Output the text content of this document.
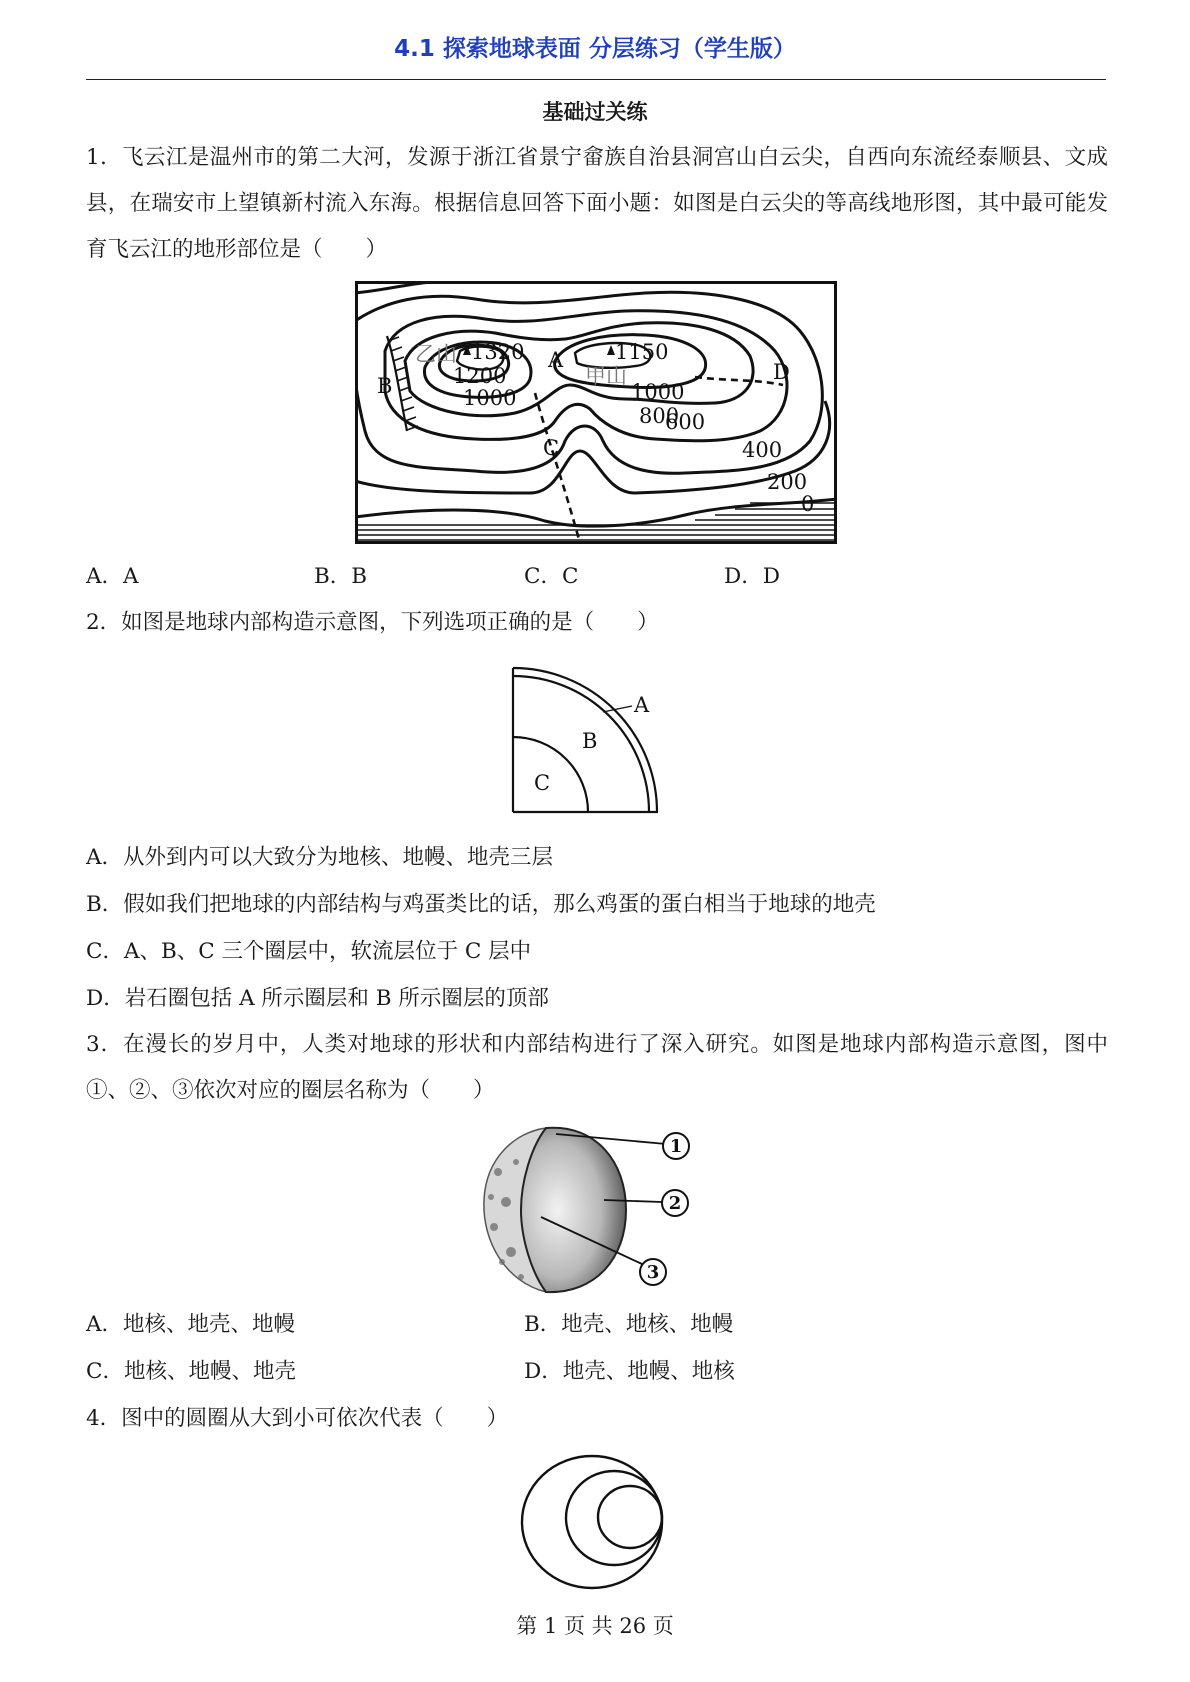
4.1 探索地球表面 分层练习（学生版）
基础过关练
1．飞云江是温州市的第二大河，发源于浙江省景宁畲族自治县洞宫山白云尖，自西向东流经泰顺县、文成县，在瑞安市上望镇新村流入东海。根据信息回答下面小题：如图是白云尖的等高线地形图，其中最可能发育飞云江的地形部位是（　　）
乙山 1320
1200
1000
1150
甲山
1000
800
600
400
200
0
A
B
C
D
A．A	B．B	C．C	D．D
2．如图是地球内部构造示意图，下列选项正确的是（　　）
A
B
C
A．从外到内可以大致分为地核、地幔、地壳三层
B．假如我们把地球的内部结构与鸡蛋类比的话，那么鸡蛋的蛋白相当于地球的地壳
C．A、B、C 三个圈层中，软流层位于 C 层中
D．岩石圈包括 A 所示圈层和 B 所示圈层的顶部
3．在漫长的岁月中，人类对地球的形状和内部结构进行了深入研究。如图是地球内部构造示意图，图中①、②、③依次对应的圈层名称为（　　）
1
2
3
A．地核、地壳、地幔	B．地壳、地核、地幔
C．地核、地幔、地壳	D．地壳、地幔、地核
4．图中的圆圈从大到小可依次代表（　　）
第 1 页 共 26 页
